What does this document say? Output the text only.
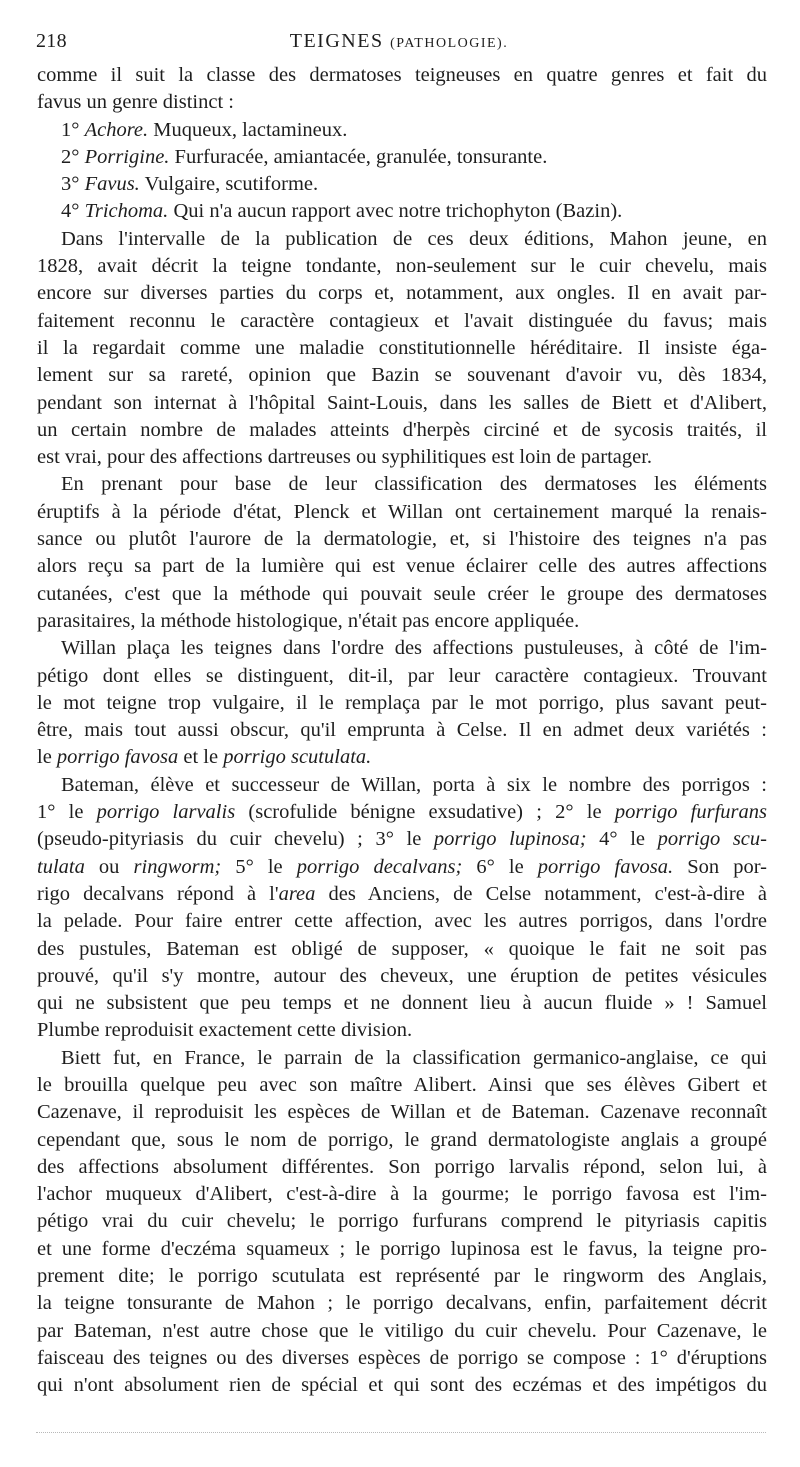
218	TEIGNES (PATHOLOGIE).
comme il suit la classe des dermatoses teigneuses en quatre genres et fait du
favus un genre distinct :
1° Achore. Muqueux, lactamineux.
2° Porrigine. Furfuracée, amiantacée, granulée, tonsurante.
3° Favus. Vulgaire, scutiforme.
4° Trichoma. Qui n'a aucun rapport avec notre trichophyton (Bazin).
Dans l'intervalle de la publication de ces deux éditions, Mahon jeune, en
1828, avait décrit la teigne tondante, non-seulement sur le cuir chevelu, mais
encore sur diverses parties du corps et, notamment, aux ongles. Il en avait par-
faitement reconnu le caractère contagieux et l'avait distinguée du favus; mais
il la regardait comme une maladie constitutionnelle héréditaire. Il insiste éga-
lement sur sa rareté, opinion que Bazin se souvenant d'avoir vu, dès 1834,
pendant son internat à l'hôpital Saint-Louis, dans les salles de Biett et d'Alibert,
un certain nombre de malades atteints d'herpès circiné et de sycosis traités, il
est vrai, pour des affections dartreuses ou syphilitiques est loin de partager.
En prenant pour base de leur classification des dermatoses les éléments
éruptifs à la période d'état, Plenck et Willan ont certainement marqué la renais-
sance ou plutôt l'aurore de la dermatologie, et, si l'histoire des teignes n'a pas
alors reçu sa part de la lumière qui est venue éclairer celle des autres affections
cutanées, c'est que la méthode qui pouvait seule créer le groupe des dermatoses
parasitaires, la méthode histologique, n'était pas encore appliquée.
Willan plaça les teignes dans l'ordre des affections pustuleuses, à côté de l'im-
pétigo dont elles se distinguent, dit-il, par leur caractère contagieux. Trouvant
le mot teigne trop vulgaire, il le remplaça par le mot porrigo, plus savant peut-
être, mais tout aussi obscur, qu'il emprunta à Celse. Il en admet deux variétés :
le porrigo favosa et le porrigo scutulata.
Bateman, élève et successeur de Willan, porta à six le nombre des porrigos :
1° le porrigo larvalis (scrofulide bénigne exsudative) ; 2° le porrigo furfurans
(pseudo-pityriasis du cuir chevelu) ; 3° le porrigo lupinosa; 4° le porrigo scu-
tulata ou ringworm; 5° le porrigo decalvans; 6° le porrigo favosa. Son por-
rigo decalvans répond à l'area des Anciens, de Celse notamment, c'est-à-dire à
la pelade. Pour faire entrer cette affection, avec les autres porrigos, dans l'ordre
des pustules, Bateman est obligé de supposer, « quoique le fait ne soit pas
prouvé, qu'il s'y montre, autour des cheveux, une éruption de petites vésicules
qui ne subsistent que peu temps et ne donnent lieu à aucun fluide » ! Samuel
Plumbe reproduisit exactement cette division.
Biett fut, en France, le parrain de la classification germanico-anglaise, ce qui
le brouilla quelque peu avec son maître Alibert. Ainsi que ses élèves Gibert et
Cazenave, il reproduisit les espèces de Willan et de Bateman. Cazenave reconnaît
cependant que, sous le nom de porrigo, le grand dermatologiste anglais a groupé
des affections absolument différentes. Son porrigo larvalis répond, selon lui, à
l'achor muqueux d'Alibert, c'est-à-dire à la gourme; le porrigo favosa est l'im-
pétigo vrai du cuir chevelu; le porrigo furfurans comprend le pityriasis capitis
et une forme d'eczéma squameux ; le porrigo lupinosa est le favus, la teigne pro-
prement dite; le porrigo scutulata est représenté par le ringworm des Anglais,
la teigne tonsurante de Mahon ; le porrigo decalvans, enfin, parfaitement décrit
par Bateman, n'est autre chose que le vitiligo du cuir chevelu. Pour Cazenave, le
faisceau des teignes ou des diverses espèces de porrigo se compose : 1° d'éruptions
qui n'ont absolument rien de spécial et qui sont des eczémas et des impétigos du
